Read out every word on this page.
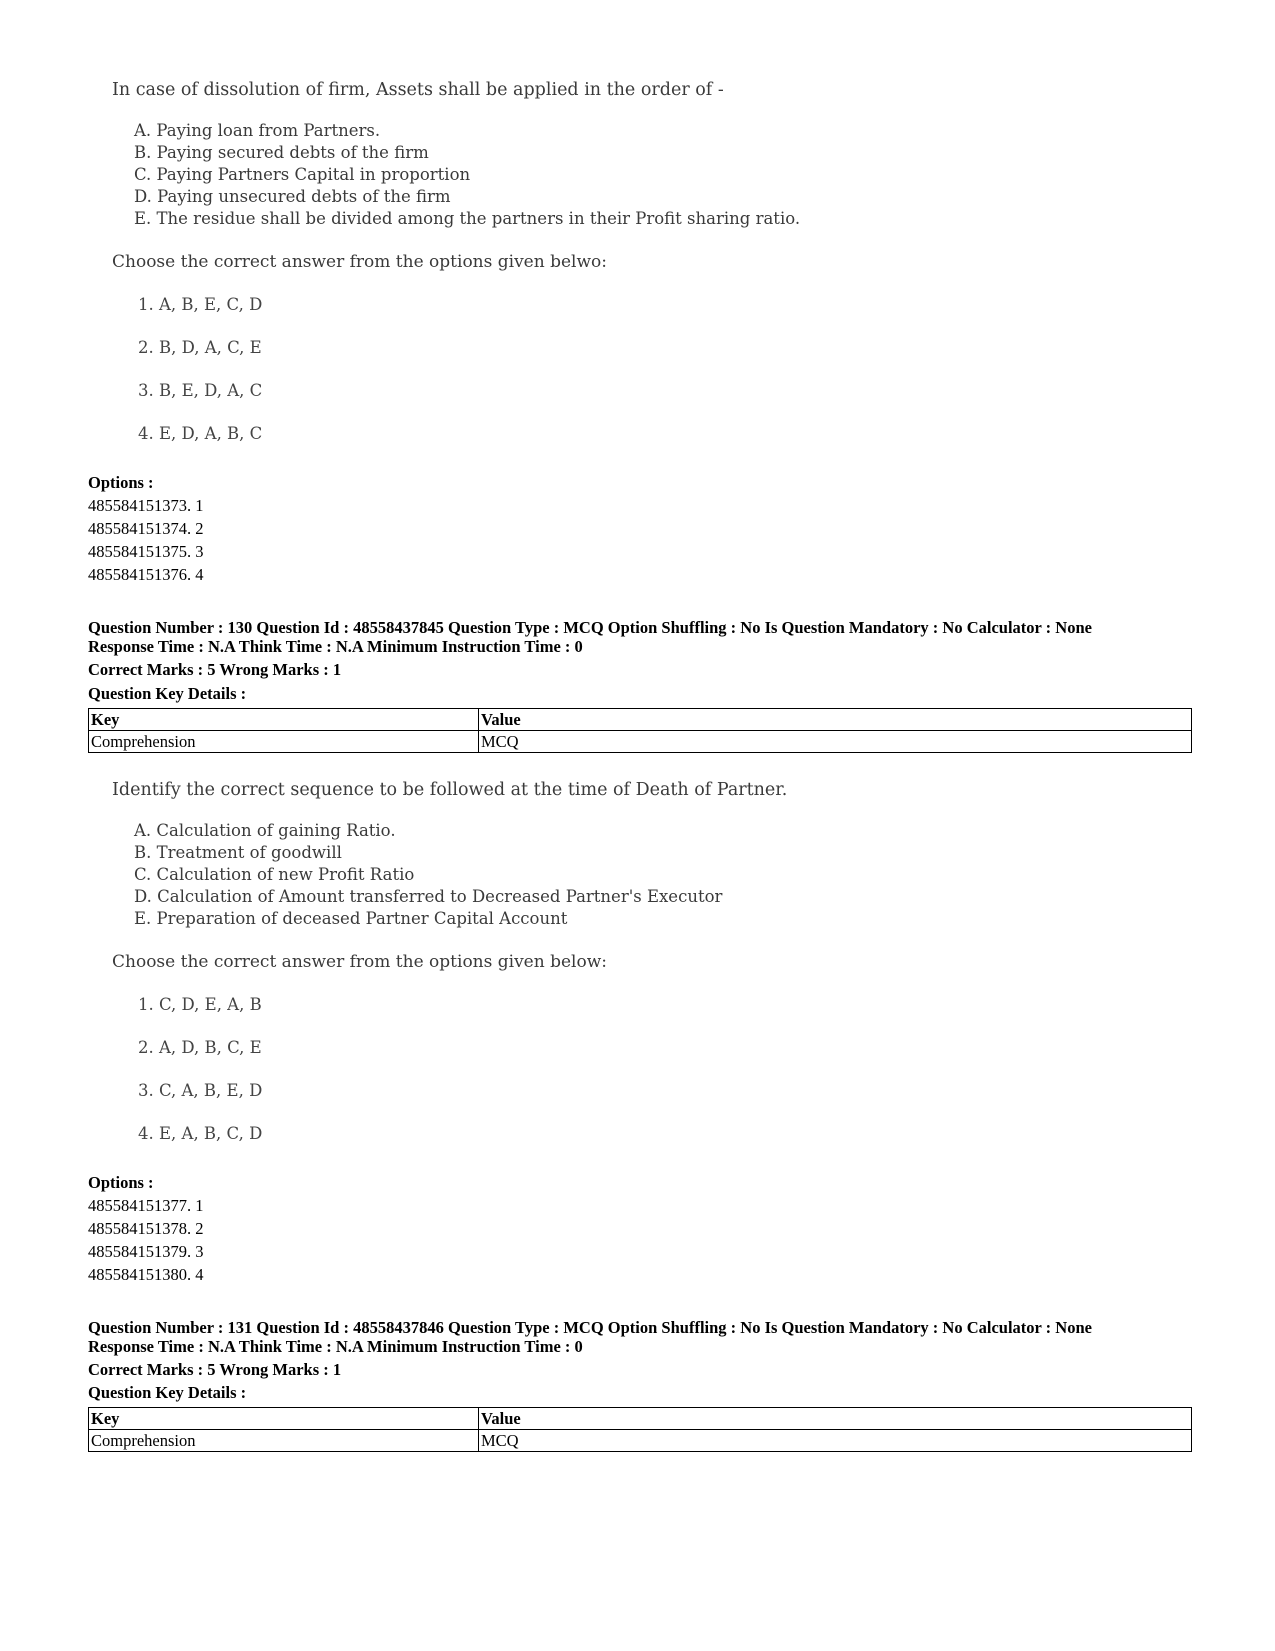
In case of dissolution of firm, Assets shall be applied in the order of -
A. Paying loan from Partners.
B. Paying secured debts of the firm
C. Paying Partners Capital in proportion
D. Paying unsecured debts of the firm
E. The residue shall be divided among the partners in their Profit sharing ratio.
Choose the correct answer from the options given belwo:
1. A, B, E, C, D
2. B, D, A, C, E
3. B, E, D, A, C
4. E, D, A, B, C
Options :
485584151373. 1
485584151374. 2
485584151375. 3
485584151376. 4
Question Number : 130 Question Id : 48558437845 Question Type : MCQ Option Shuffling : No Is Question Mandatory : No Calculator : None
Response Time : N.A Think Time : N.A Minimum Instruction Time : 0
Correct Marks : 5 Wrong Marks : 1
Question Key Details :
Key	Value
Comprehension	MCQ
Identify the correct sequence to be followed at the time of Death of Partner.
A. Calculation of gaining Ratio.
B. Treatment of goodwill
C. Calculation of new Profit Ratio
D. Calculation of Amount transferred to Decreased Partner's Executor
E. Preparation of deceased Partner Capital Account
Choose the correct answer from the options given below:
1. C, D, E, A, B
2. A, D, B, C, E
3. C, A, B, E, D
4. E, A, B, C, D
Options :
485584151377. 1
485584151378. 2
485584151379. 3
485584151380. 4
Question Number : 131 Question Id : 48558437846 Question Type : MCQ Option Shuffling : No Is Question Mandatory : No Calculator : None
Response Time : N.A Think Time : N.A Minimum Instruction Time : 0
Correct Marks : 5 Wrong Marks : 1
Question Key Details :
Key	Value
Comprehension	MCQ
